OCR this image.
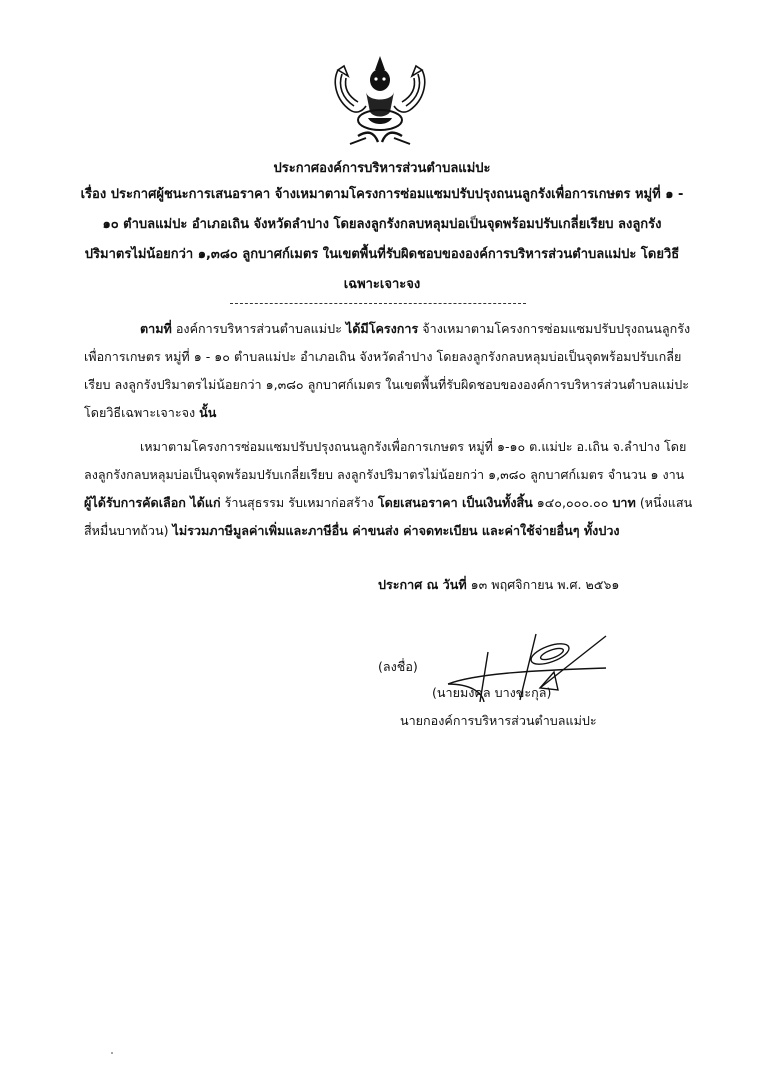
ประกาศองค์การบริหารส่วนตำบลแม่ปะ
เรื่อง ประกาศผู้ชนะการเสนอราคา จ้างเหมาตามโครงการซ่อมแซมปรับปรุงถนนลูกรังเพื่อการเกษตร หมู่ที่ ๑ -
๑๐ ตำบลแม่ปะ อำเภอเถิน จังหวัดลำปาง โดยลงลูกรังกลบหลุมบ่อเป็นจุดพร้อมปรับเกลี่ยเรียบ ลงลูกรัง
ปริมาตรไม่น้อยกว่า ๑,๓๘๐ ลูกบาศก์เมตร ในเขตพื้นที่รับผิดชอบขององค์การบริหารส่วนตำบลแม่ปะ โดยวิธี
เฉพาะเจาะจง
ตามที่ องค์การบริหารส่วนตำบลแม่ปะ ได้มีโครงการ จ้างเหมาตามโครงการซ่อมแซมปรับปรุงถนนลูกรัง
เพื่อการเกษตร หมู่ที่ ๑ - ๑๐ ตำบลแม่ปะ อำเภอเถิน จังหวัดลำปาง โดยลงลูกรังกลบหลุมบ่อเป็นจุดพร้อมปรับเกลี่ย
เรียบ ลงลูกรังปริมาตรไม่น้อยกว่า ๑,๓๘๐ ลูกบาศก์เมตร ในเขตพื้นที่รับผิดชอบขององค์การบริหารส่วนตำบลแม่ปะ
โดยวิธีเฉพาะเจาะจง นั้น
เหมาตามโครงการซ่อมแซมปรับปรุงถนนลูกรังเพื่อการเกษตร หมู่ที่ ๑-๑๐ ต.แม่ปะ อ.เถิน จ.ลำปาง โดย
ลงลูกรังกลบหลุมบ่อเป็นจุดพร้อมปรับเกลี่ยเรียบ ลงลูกรังปริมาตรไม่น้อยกว่า ๑,๓๘๐ ลูกบาศก์เมตร จำนวน ๑ งาน
ผู้ได้รับการคัดเลือก ได้แก่ ร้านสุธรรม รับเหมาก่อสร้าง โดยเสนอราคา เป็นเงินทั้งสิ้น ๑๔๐,๐๐๐.๐๐ บาท (หนึ่งแสน
สี่หมื่นบาทถ้วน) ไม่รวมภาษีมูลค่าเพิ่มและภาษีอื่น ค่าขนส่ง ค่าจดทะเบียน และค่าใช้จ่ายอื่นๆ ทั้งปวง
ประกาศ ณ วันที่ ๑๓ พฤศจิกายน พ.ศ. ๒๕๖๑
(ลงชื่อ)
(นายมงคล บางขะกุล)
นายกองค์การบริหารส่วนตำบลแม่ปะ
